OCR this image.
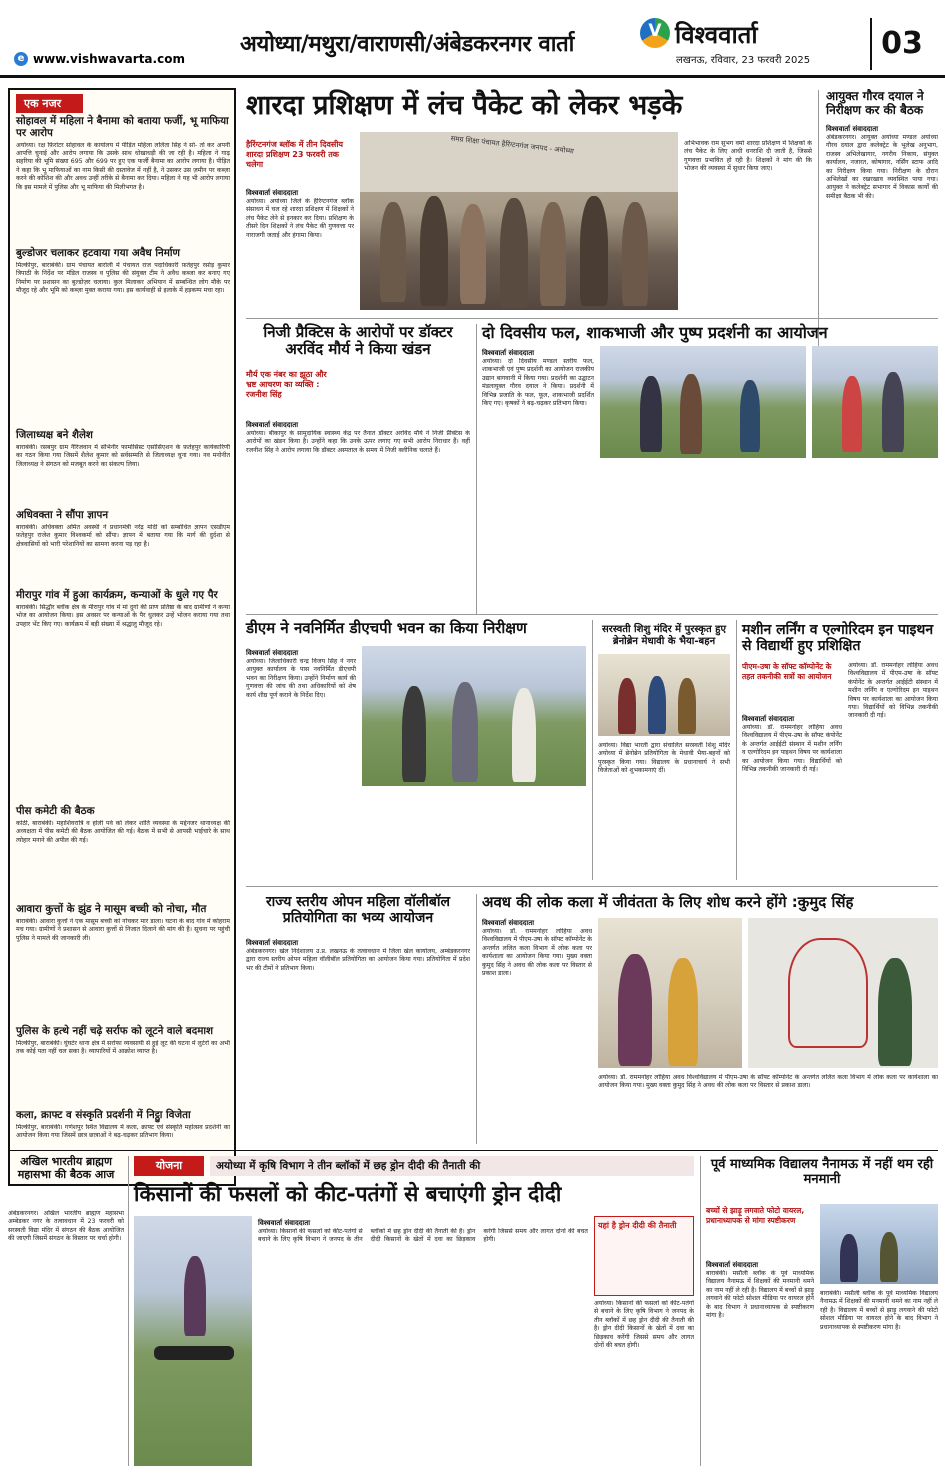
e www.vishwavarta.com
अयोध्या/मथुरा/वाराणसी/अंबेडकरनगर वार्ता
V	विश्ववार्ता
लखनऊ, रविवार, 23 फरवरी 2025	03
एक नजर
सोहावल में महिला ने बैनामा को बताया फर्जी, भू माफिया पर आरोप
अयोध्या। रक्ष फ़िरांटर सोहावल के कार्यालय में पीड़ित महिला ललिता सिंह ने सो- तो कर अपनी आपत्ति चुनाई और आरोप लगाया कि उसके साथ धोखाधड़ी की जा रही है। महिला ने गाढ़ सहरिया की भूमि संख्या 695 और 699 पर हुए एक फर्जी बैनामा का आरोप लगाया है। पीड़ित ने कहा कि भू माफियाओं का नाम किसी की दस्तावेज में नहीं है, ने उसकर उस ज़मीन पर कब्ज़ा करने की कोशिश की और अवध उन्हीं तरीके से बैनामा कर दिया। महिला ने यह भी आरोप लगाया कि इस मामले में पुलिस और भू माफिया की मिलीभगत है।
बुल्डोजर चलाकर हटवाया गया अवैध निर्माण
मिल्कीपुर, बाराबंकी। ग्राम पंचायत बारोली में पंचायत राज पदाधिकारी फ़तेहपुर रसोड़ कुमार त्रिपाठी के निर्देश पर मंडिल राजस्व व पुलिस की संयुक्त टीम ने अवैध कब्जा कर बनाए गए निर्माण पर प्रशासन का बुल्डोज़र चलाया। कुल मिलाकर अभियान में सम्बन्धित लोग मौके पर मौजूद रहे और भूमि को कब्ज़ा मुक्त कराया गया। इस कार्यवाही से इलाके में हड़कम्प मचा रहा।
जिलाध्यक्ष बने शैलेश
बाराबंकी। रसबपुर ग्राम नैरिजवान में संभिनीर फार्मासिस्ट एसोसिएशन के फ़तेहपुर कार्यकारिणी का गठन किया गया जिसमें शैलेश कुमार को सर्वसम्मति से जिलाध्यक्ष चुना गया। नव मनोनीत जिलाध्यक्ष ने संगठन को मजबूत करने का संकल्प लिया।
अधिवक्ता ने सौंपा ज्ञापन
बाराबंकी। अधिवक्ता अमित अवस्थी ने प्रधानमंत्री नरेंद्र मोदी को सम्बोधित ज्ञापन एसडीएम फ़तेहपुर राजेश कुमार विश्वकर्मा को सौंपा। ज्ञापन में बताया गया कि मार्ग की दुर्दशा से क्षेत्रवासियों को भारी परेशानियों का सामना करना पड़ रहा है।
मीरापुर गांव में हुआ कार्यक्रम, कन्याओं के धुले गए पैर
बाराबंकी। सिद्धौर ब्लॉक क्षेत्र के मीरापुर गांव में मां दुर्गा की प्राण प्रतिष्ठा के बाद ग्रामीणों ने कन्या भोज का आयोजन किया। इस अवसर पर कन्याओं के पैर धुलकर उन्हें भोजन कराया गया तथा उपहार भेंट किए गए। कार्यक्रम में बड़ी संख्या में श्रद्धालु मौजूद रहे।
पीस कमेटी की बैठक
कोठी, बाराबंकी। महाशिवरात्रि व होली पर्व को लेकर शांति व्यवस्था के मद्देनजर थानाध्यक्ष की अध्यक्षता में पीस कमेटी की बैठक आयोजित की गई। बैठक में सभी से आपसी भाईचारे के साथ त्योहार मनाने की अपील की गई।
आवारा कुत्तों के झुंड ने मासूम बच्ची को नोचा, मौत
बाराबंकी। आवारा कुत्तों ने एक मासूम बच्ची को नोचकर मार डाला। घटना के बाद गांव में कोहराम मच गया। ग्रामीणों ने प्रशासन से आवारा कुत्तों से निजात दिलाने की मांग की है। सूचना पर पहुंची पुलिस ने मामले की जानकारी ली।
पुलिस के हत्थे नहीं चढ़े सर्राफ को लूटने वाले बदमाश
मिल्कीपुर, बाराबंकी। घुंघटेर थाना क्षेत्र में सर्राफा व्यवसायी से हुई लूट की घटना में लुटेरों का अभी तक कोई पता नहीं चल सका है। व्यापारियों में आक्रोश व्याप्त है।
कला, क्राफ्ट व संस्कृति प्रदर्शनी में निट्ठुा विजेता
मिल्कीपुर, बाराबंकी। गणेशपुर स्थित विद्यालय में कला, क्राफ्ट एवं संस्कृति महोत्सव प्रदर्शनी का आयोजन किया गया जिसमें छात्र छात्राओं ने बढ़-चढ़कर प्रतिभाग किया।
शारदा प्रशिक्षण में लंच पैकेट को लेकर भड़के
हैरिंग्टनगंज ब्लॉक में तीन दिवसीय शारदा प्रशिक्षण 23 फरवरी तक चलेगा
विश्ववार्ता संवाददाता
अयोध्या। अयोध्या जिले के हैरिंग्टनगंज ब्लॉक संसाधन में चल रहे शारदा प्रशिक्षण में शिक्षकों ने लंच पैकेट लेने से इनकार कर दिया। प्रशिक्षण के तीसरे दिन शिक्षकों ने लंच पैकेट की गुणवत्ता पर नाराजगी जताई और हंगामा किया।
समग्र शिक्षा पंचायत हैरिंग्टनगंज जनपद - अयोध्या	अभिभावक राम सुभग वर्मा शारदा प्रशिक्षण में शिक्षकों के लंच पैकेट के लिए आधी धनराशि दी जाती है, जिससे गुणवत्ता प्रभावित हो रही है। शिक्षकों ने मांग की कि भोजन की व्यवस्था में सुधार किया जाए।
आयुक्त गौरव दयाल ने निरीक्षण कर की बैठक
विश्ववार्ता संवाददाता
अंबेडकरनगर। आयुक्त अयोध्या मण्डल अयोध्या गौरव दयाल द्वारा कलेक्ट्रेट के भूलेख अनुभाग, राजस्व अभिलेखागार, नगरीय निकाय, संयुक्त कार्यालय, नजारत, कोषागार, नर्सिंग स्टाफ आदि का निरीक्षण किया गया। निरीक्षण के दौरान अभिलेखों का रखरखाव व्यवस्थित पाया गया। आयुक्त ने कलेक्ट्रेट सभागार में विकास कार्यों की समीक्षा बैठक भी की।
निजी प्रैक्टिस के आरोपों पर डॉक्टर अरविंद मौर्य ने किया खंडन
मौर्य एक नंबर का झूठा और भ्रष्ट आचरण का व्यक्ति : रजनीश सिंह
विश्ववार्ता संवाददाता
अयोध्या। बीकापुर के सामुदायिक स्वास्थ्य केंद्र पर तैनात डॉक्टर अरविंद मौर्य ने निजी प्रैक्टिस के आरोपों का खंडन किया है। उन्होंने कहा कि उनके ऊपर लगाए गए सभी आरोप निराधार हैं। वहीं रजनीश सिंह ने आरोप लगाया कि डॉक्टर अस्पताल के समय में निजी क्लीनिक चलाते हैं।
दो दिवसीय फल, शाकभाजी और पुष्प प्रदर्शनी का आयोजन
विश्ववार्ता संवाददाता
अयोध्या। दो दिवसीय मण्डल स्तरीय फल, शाकभाजी एवं पुष्प प्रदर्शनी का आयोजन राजकीय उद्यान बागवानी में किया गया। प्रदर्शनी का उद्घाटन मंडलायुक्त गौरव दयाल ने किया। प्रदर्शनी में विभिन्न प्रजाति के फल, फूल, शाकभाजी प्रदर्शित किए गए। कृषकों ने बढ़-चढ़कर प्रतिभाग किया।
डीएम ने नवनिर्मित डीएचपी भवन का किया निरीक्षण
विश्ववार्ता संवाददाता
अयोध्या। जिलाधिकारी चन्द्र विजय सिंह ने नगर आयुक्त कार्यालय के पास नवनिर्मित डीएचपी भवन का निरीक्षण किया। उन्होंने निर्माण कार्य की गुणवत्ता की जांच की तथा अधिकारियों को शेष कार्य शीघ्र पूर्ण कराने के निर्देश दिए।
सरस्वती शिशु मंदिर में पुरस्कृत हुए ब्रेनोब्रेन मेधावी के भैया-बहन
अयोध्या। विद्या भारती द्वारा संचालित सरस्वती शिशु मंदिर अयोध्या में ब्रेनोब्रेन प्रतियोगिता के मेधावी भैया-बहनों को पुरस्कृत किया गया। विद्यालय के प्रधानाचार्य ने सभी विजेताओं को शुभकामनाएं दीं।
मशीन लर्निंग व एल्गोरिदम इन पाइथन से विद्यार्थी हुए प्रशिक्षित
पीएम-उषा के सॉफ्ट कॉम्पोनेंट के तहत तकनीकी सत्रों का आयोजन
विश्ववार्ता संवाददाता
अयोध्या। डॉ. राममनोहर लोहिया अवध विश्वविद्यालय में पीएम-उषा के सॉफ्ट कंपोनेंट के अन्तर्गत आईईटी संस्थान में मशीन लर्निंग व एल्गोरिदम इन पाइथन विषय पर कार्यशाला का आयोजन किया गया। विद्यार्थियों को विभिन्न तकनीकी जानकारी दी गई।
अयोध्या। डॉ. राममनोहर लोहिया अवध विश्वविद्यालय में पीएम-उषा के सॉफ्ट कंपोनेंट के अन्तर्गत आईईटी संस्थान में मशीन लर्निंग व एल्गोरिदम इन पाइथन विषय पर कार्यशाला का आयोजन किया गया। विद्यार्थियों को विभिन्न तकनीकी जानकारी दी गई।
राज्य स्तरीय ओपन महिला वॉलीबॉल प्रतियोगिता का भव्य आयोजन
विश्ववार्ता संवाददाता
अंबेडकरनगर। खेल निदेशालय उ.प्र. लखनऊ के तत्वावधान में जिला खेल कार्यालय, अम्बेडकरनगर द्वारा राज्य स्तरीय ओपन महिला वॉलीबॉल प्रतियोगिता का आयोजन किया गया। प्रतियोगिता में प्रदेश भर की टीमों ने प्रतिभाग किया।
अवध की लोक कला में जीवंतता के लिए शोध करने होंगे :कुमुद सिंह
विश्ववार्ता संवाददाता
अयोध्या। डॉ. राममनोहर लोहिया अवध विश्वविद्यालय में पीएम-उषा के सॉफ्ट कॉम्पोनेंट के अन्तर्गत ललित कला विभाग में लोक कला पर कार्यशाला का आयोजन किया गया। मुख्य वक्ता कुमुद सिंह ने अवध की लोक कला पर विस्तार से प्रकाश डाला।
अयोध्या। डॉ. राममनोहर लोहिया अवध विश्वविद्यालय में पीएम-उषा के सॉफ्ट कॉम्पोनेंट के अन्तर्गत ललित कला विभाग में लोक कला पर कार्यशाला का आयोजन किया गया। मुख्य वक्ता कुमुद सिंह ने अवध की लोक कला पर विस्तार से प्रकाश डाला।
अखिल भारतीय ब्राह्मण महासभा की बैठक आज
अंबेडकरनगर। अखिल भारतीय ब्राह्मण महासभा अम्बेडकर नगर के तत्वावधान में 23 फरवरी को सरस्वती विद्या मंदिर में संगठन की बैठक आयोजित की जाएगी जिसमें संगठन के विस्तार पर चर्चा होगी।
योजना	अयोध्या में कृषि विभाग ने तीन ब्लॉकों में छह ड्रोन दीदी की तैनाती की
किसानों की फसलों को कीट-पतंगों से बचाएंगी ड्रोन दीदी
विश्ववार्ता संवाददाता
अयोध्या। किसानों की फसलों को कीट-पतंगों से बचाने के लिए कृषि विभाग ने जनपद के तीन ब्लॉकों में छह ड्रोन दीदी की तैनाती की है। ड्रोन दीदी किसानों के खेतों में दवा का छिड़काव करेंगी जिससे समय और लागत दोनों की बचत होगी।
यहां है ड्रोन दीदी की तैनाती
अयोध्या। किसानों की फसलों को कीट-पतंगों से बचाने के लिए कृषि विभाग ने जनपद के तीन ब्लॉकों में छह ड्रोन दीदी की तैनाती की है। ड्रोन दीदी किसानों के खेतों में दवा का छिड़काव करेंगी जिससे समय और लागत दोनों की बचत होगी।
पूर्व माध्यमिक विद्यालय नैनामऊ में नहीं थम रही मनमानी
बच्चों से झाड़ू लगवाते फोटो वायरल, प्रधानाध्यापक से मांगा स्पष्टीकरण
विश्ववार्ता संवाददाता
बाराबंकी। मसौली ब्लॉक के पूर्व माध्यमिक विद्यालय नैनामऊ में शिक्षकों की मनमानी थमने का नाम नहीं ले रही है। विद्यालय में बच्चों से झाड़ू लगवाने की फोटो सोशल मीडिया पर वायरल होने के बाद विभाग ने प्रधानाध्यापक से स्पष्टीकरण मांगा है।
बाराबंकी। मसौली ब्लॉक के पूर्व माध्यमिक विद्यालय नैनामऊ में शिक्षकों की मनमानी थमने का नाम नहीं ले रही है। विद्यालय में बच्चों से झाड़ू लगवाने की फोटो सोशल मीडिया पर वायरल होने के बाद विभाग ने प्रधानाध्यापक से स्पष्टीकरण मांगा है।
